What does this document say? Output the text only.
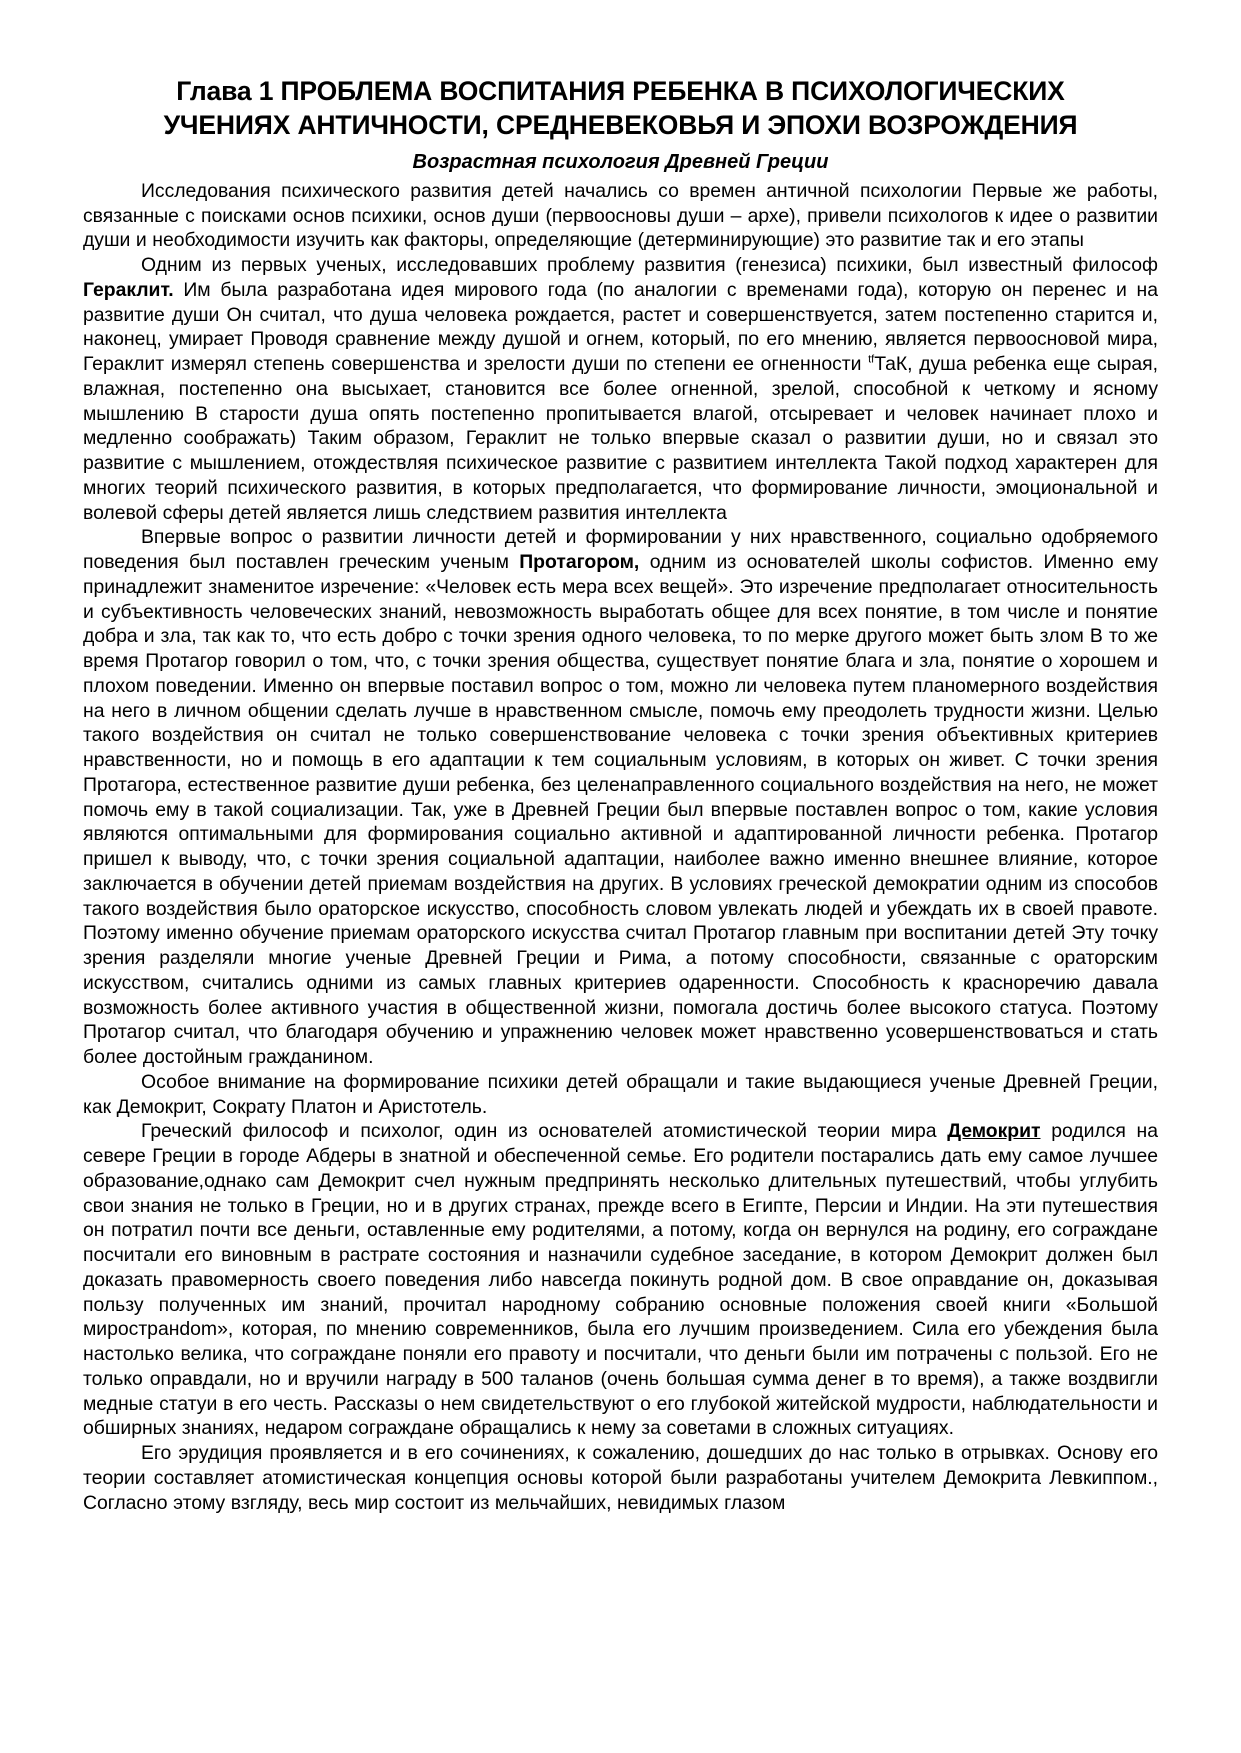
Глава 1 ПРОБЛЕМА ВОСПИТАНИЯ РЕБЕНКА В ПСИХОЛОГИЧЕСКИХ
УЧЕНИЯХ АНТИЧНОСТИ, СРЕДНЕВЕКОВЬЯ И ЭПОХИ ВОЗРОЖДЕНИЯ
Возрастная психология Древней Греции

Исследования психического развития детей начались со времен античной психологии Первые же работы, связанные с поисками основ психики, основ души (первоосновы души – архе), привели психологов к идее о развитии души и необходимости изучить как факторы, определяющие (детерминирующие) это развитие так и его этапы

Одним из первых ученых, исследовавших проблему развития (генезиса) психики, был известный философ Гераклит. Им была разработана идея мирового года (по аналогии с временами года), которую он перенес и на развитие души Он считал, что душа человека рождается, растет и совершенствуется, затем постепенно старится и, наконец, умирает Проводя сравнение между душой и огнем, который, по его мнению, является первоосновой мира, Гераклит измерял степень совершенства и зрелости души по степени ее огненности $^{tf}$ТаК, душа ребенка еще сырая, влажная, постепенно она высыхает, становится все более огненной, зрелой, способной к четкому и ясному мышлению В старости душа опять постепенно пропитывается влагой, отсыревает и человек начинает плохо и медленно соображать) Таким образом, Гераклит не только впервые сказал о развитии души, но и связал это развитие с мышлением, отождествляя психическое развитие с развитием интеллекта Такой подход характерен для многих теорий психического развития, в которых предполагается, что формирование личности, эмоциональной и волевой сферы детей является лишь следствием развития интеллекта

Впервые вопрос о развитии личности детей и формировании у них нравственного, социально одобряемого поведения был поставлен греческим ученым Протагором, одним из основателей школы софистов. Именно ему принадлежит знаменитое изречение: «Человек есть мера всех вещей». Это изречение предполагает относительность и субъективность человеческих знаний, невозможность выработать общее для всех понятие, в том числе и понятие добра и зла, так как то, что есть добро с точки зрения одного человека, то по мерке другого может быть злом В то же время Протагор говорил о том, что, с точки зрения общества, существует понятие блага и зла, понятие о хорошем и плохом поведении. Именно он впервые поставил вопрос о том, можно ли человека путем планомерного воздействия на него в личном общении сделать лучше в нравственном смысле, помочь ему преодолеть трудности жизни. Целью такого воздействия он считал не только совершенствование человека с точки зрения объективных критериев нравственности, но и помощь в его адаптации к тем социальным условиям, в которых он живет. С точки зрения Протагора, естественное развитие души ребенка, без целенаправленного социального воздействия на него, не может помочь ему в такой социализации. Так, уже в Древней Греции был впервые поставлен вопрос о том, какие условия являются оптимальными для формирования социально активной и адаптированной личности ребенка. Протагор пришел к выводу, что, с точки зрения социальной адаптации, наиболее важно именно внешнее влияние, которое заключается в обучении детей приемам воздействия на других. В условиях греческой демократии одним из способов такого воздействия было ораторское искусство, способность словом увлекать людей и убеждать их в своей правоте. Поэтому именно обучение приемам ораторского искусства считал Протагор главным при воспитании детей Эту точку зрения разделяли многие ученые Древней Греции и Рима, а потому способности, связанные с ораторским искусством, считались одними из самых главных критериев одаренности. Способность к красноречию давала возможность более активного участия в общественной жизни, помогала достичь более высокого статуса. Поэтому Протагор считал, что благодаря обучению и упражнению человек может нравственно усовершенствоваться и стать более достойным гражданином.

Особое внимание на формирование психики детей обращали и такие выдающиеся ученые Древней Греции, как Демокрит, Сократу Платон и Аристотель.

Греческий философ и психолог, один из основателей атомистической теории мира Демокрит родился на севере Греции в городе Абдеры в знатной и обеспеченной семье. Его родители постарались дать ему самое лучшее образование,однако сам Демокрит счел нужным предпринять несколько длительных путешествий, чтобы углубить свои знания не только в Греции, но и в других странах, прежде всего в Египте, Персии и Индии. На эти путешествия он потратил почти все деньги, оставленные ему родителями, а потому, когда он вернулся на родину, его сограждане посчитали его виновным в растрате состояния и назначили судебное заседание, в котором Демокрит должен был доказать правомерность своего поведения либо навсегда покинуть родной дом. В свое оправдание он, доказывая пользу полученных им знаний, прочитал народному собранию основные положения своей книги «Большой миространdom», которая, по мнению современников, была его лучшим произведением. Сила его убеждения была настолько велика, что сограждане поняли его правоту и посчитали, что деньги были им потрачены с пользой. Его не только оправдали, но и вручили награду в 500 таланов (очень большая сумма денег в то время), а также воздвигли медные статуи в его честь. Рассказы о нем свидетельствуют о его глубокой житейской мудрости, наблюдательности и обширных знаниях, недаром сограждане обращались к нему за советами в сложных ситуациях.

Его эрудиция проявляется и в его сочинениях, к сожалению, дошедших до нас только в отрывках. Основу его теории составляет атомистическая концепция основы которой были разработаны учителем Демокрита Левкиппом., Согласно этому взгляду, весь мир состоит из мельчайших, невидимых глазом
